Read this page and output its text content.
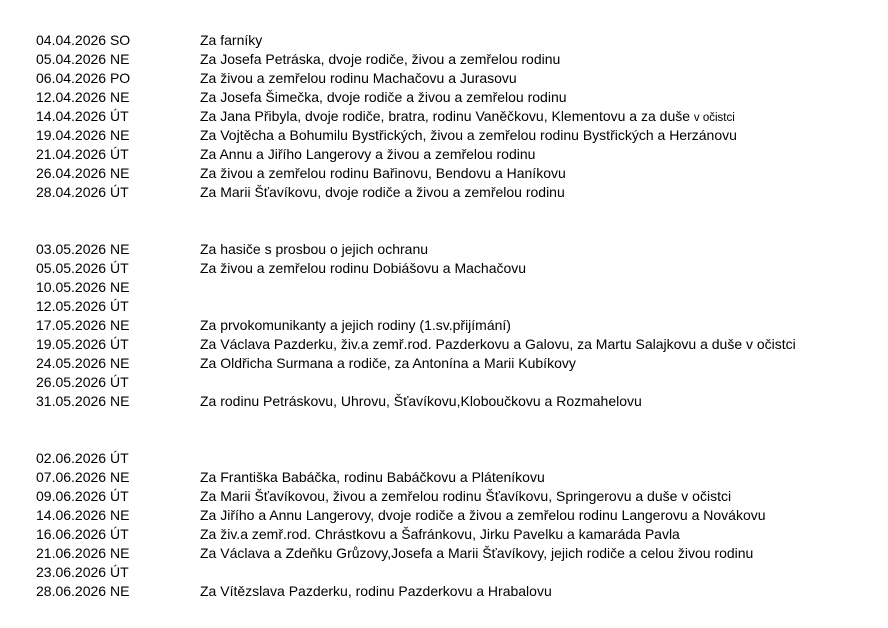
04.04.2026 SO	Za farníky
05.04.2026 NE	Za Josefa Petráska, dvoje rodiče, živou a zemřelou rodinu
06.04.2026 PO	Za živou a zemřelou rodinu Machačovu a Jurasovu
12.04.2026 NE	Za Josefa Šimečka, dvoje rodiče a živou a zemřelou rodinu
14.04.2026 ÚT	Za Jana Přibyla, dvoje rodiče, bratra, rodinu Vaněčkovu, Klementovu a za duše v očistci
19.04.2026 NE	Za Vojtěcha a Bohumilu Bystřických, živou a zemřelou rodinu Bystřických a Herzánovu
21.04.2026 ÚT	Za Annu a Jiřího Langerovy a živou a zemřelou rodinu
26.04.2026 NE	Za živou a zemřelou rodinu Bařinovu, Bendovu a Haníkovu
28.04.2026 ÚT	Za Marii Šťavíkovu, dvoje rodiče a živou a zemřelou rodinu
03.05.2026 NE	Za hasiče s prosbou o jejich ochranu
05.05.2026 ÚT	Za živou a zemřelou rodinu Dobiášovu a Machačovu
10.05.2026 NE
12.05.2026 ÚT
17.05.2026 NE	Za prvokomunikanty a jejich rodiny (1.sv.přijímání)
19.05.2026 ÚT	Za Václava Pazderku, živ.a zemř.rod. Pazderkovu a Galovu, za Martu Salajkovu a duše v očistci
24.05.2026 NE	Za Oldřicha Surmana a rodiče, za Antonína a Marii Kubíkovy
26.05.2026 ÚT
31.05.2026 NE	Za rodinu Petráskovu, Uhrovu, Šťavíkovu,Kloboučkovu a Rozmahelovu
02.06.2026 ÚT
07.06.2026 NE	Za Františka Babáčka, rodinu Babáčkovu a Pláteníkovu
09.06.2026 ÚT	Za Marii Šťavíkovou, živou a zemřelou rodinu Šťavíkovu, Springerovu a duše v očistci
14.06.2026 NE	Za Jiřího a Annu Langerovy, dvoje rodiče a živou a zemřelou rodinu Langerovu a Novákovu
16.06.2026 ÚT	Za živ.a zemř.rod. Chrástkovu a Šafránkovu, Jirku Pavelku a kamaráda Pavla
21.06.2026 NE	Za Václava a Zdeňku Grůzovy,Josefa a Marii Šťavíkovy, jejich rodiče a celou živou rodinu
23.06.2026 ÚT
28.06.2026 NE	Za Vítězslava Pazderku, rodinu Pazderkovu a Hrabalovu
